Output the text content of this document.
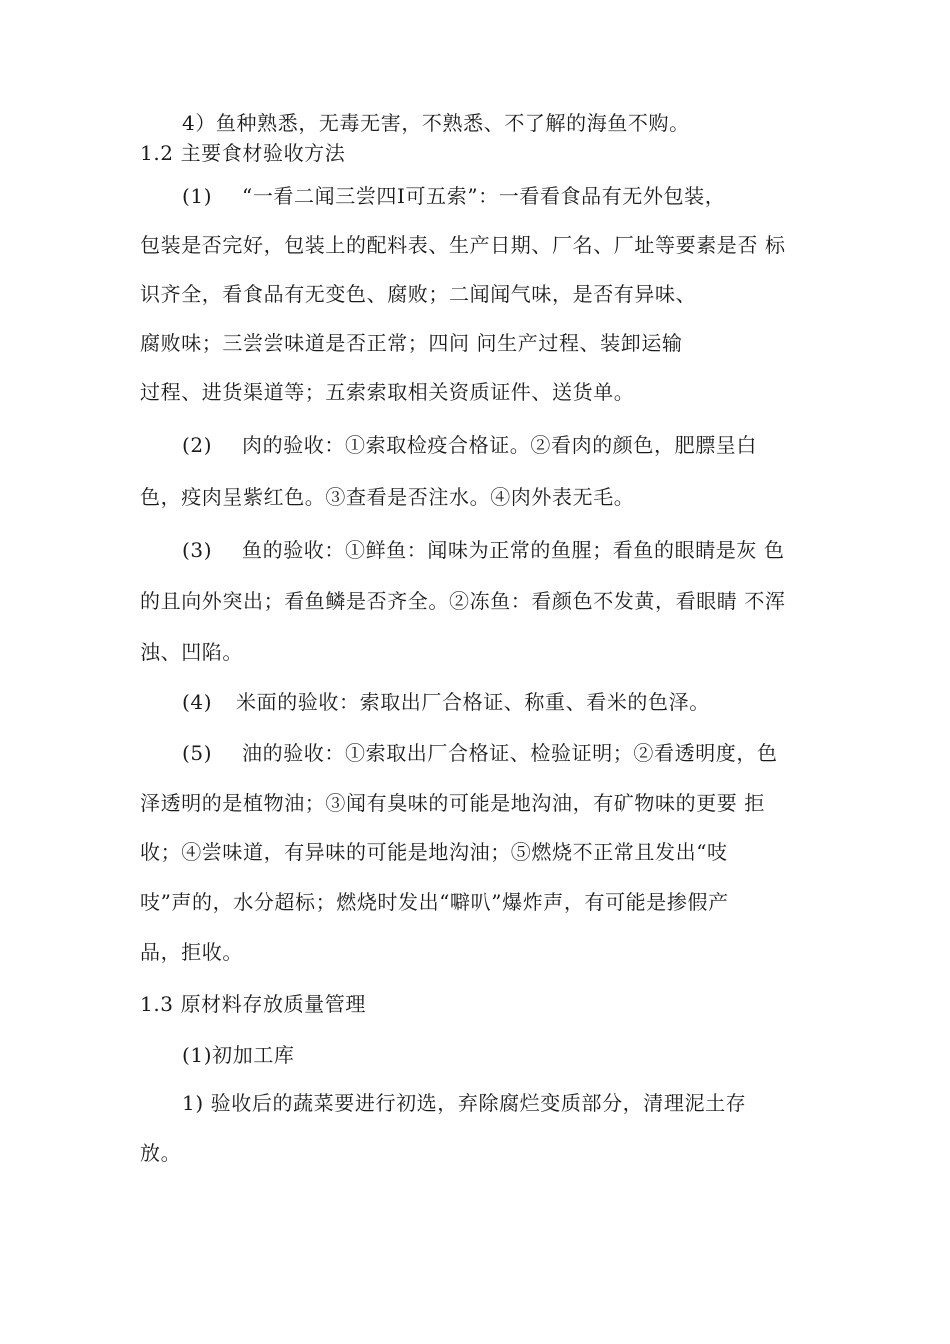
4）鱼种熟悉，无毒无害，不熟悉、不了解的海鱼不购。
1.2 主要食材验收方法
(1) “一看二闻三尝四I可五索”：一看看食品有无外包装，
包装是否完好，包装上的配料表、生产日期、厂名、厂址等要素是否 标
识齐全，看食品有无变色、腐败；二闻闻气味，是否有异味、
腐败味；三尝尝味道是否正常；四问 问生产过程、装卸运输
过程、进货渠道等；五索索取相关资质证件、送货单。
(2) 肉的验收：①索取检疫合格证。②看肉的颜色，肥膘呈白
色，疫肉呈紫红色。③查看是否注水。④肉外表无毛。
(3) 鱼的验收：①鲜鱼：闻味为正常的鱼腥；看鱼的眼睛是灰 色
的且向外突出；看鱼鳞是否齐全。②冻鱼：看颜色不发黄，看眼睛 不浑
浊、凹陷。
(4) 米面的验收：索取出厂合格证、称重、看米的色泽。
(5) 油的验收：①索取出厂合格证、检验证明；②看透明度，色
泽透明的是植物油；③闻有臭味的可能是地沟油，有矿物味的更要 拒
收；④尝味道，有异味的可能是地沟油；⑤燃烧不正常且发出“吱
吱”声的，水分超标；燃烧时发出“噼叭”爆炸声，有可能是掺假产
品，拒收。
1.3 原材料存放质量管理
(1)初加工库
1) 验收后的蔬菜要进行初选，弃除腐烂变质部分，清理泥土存
放。
